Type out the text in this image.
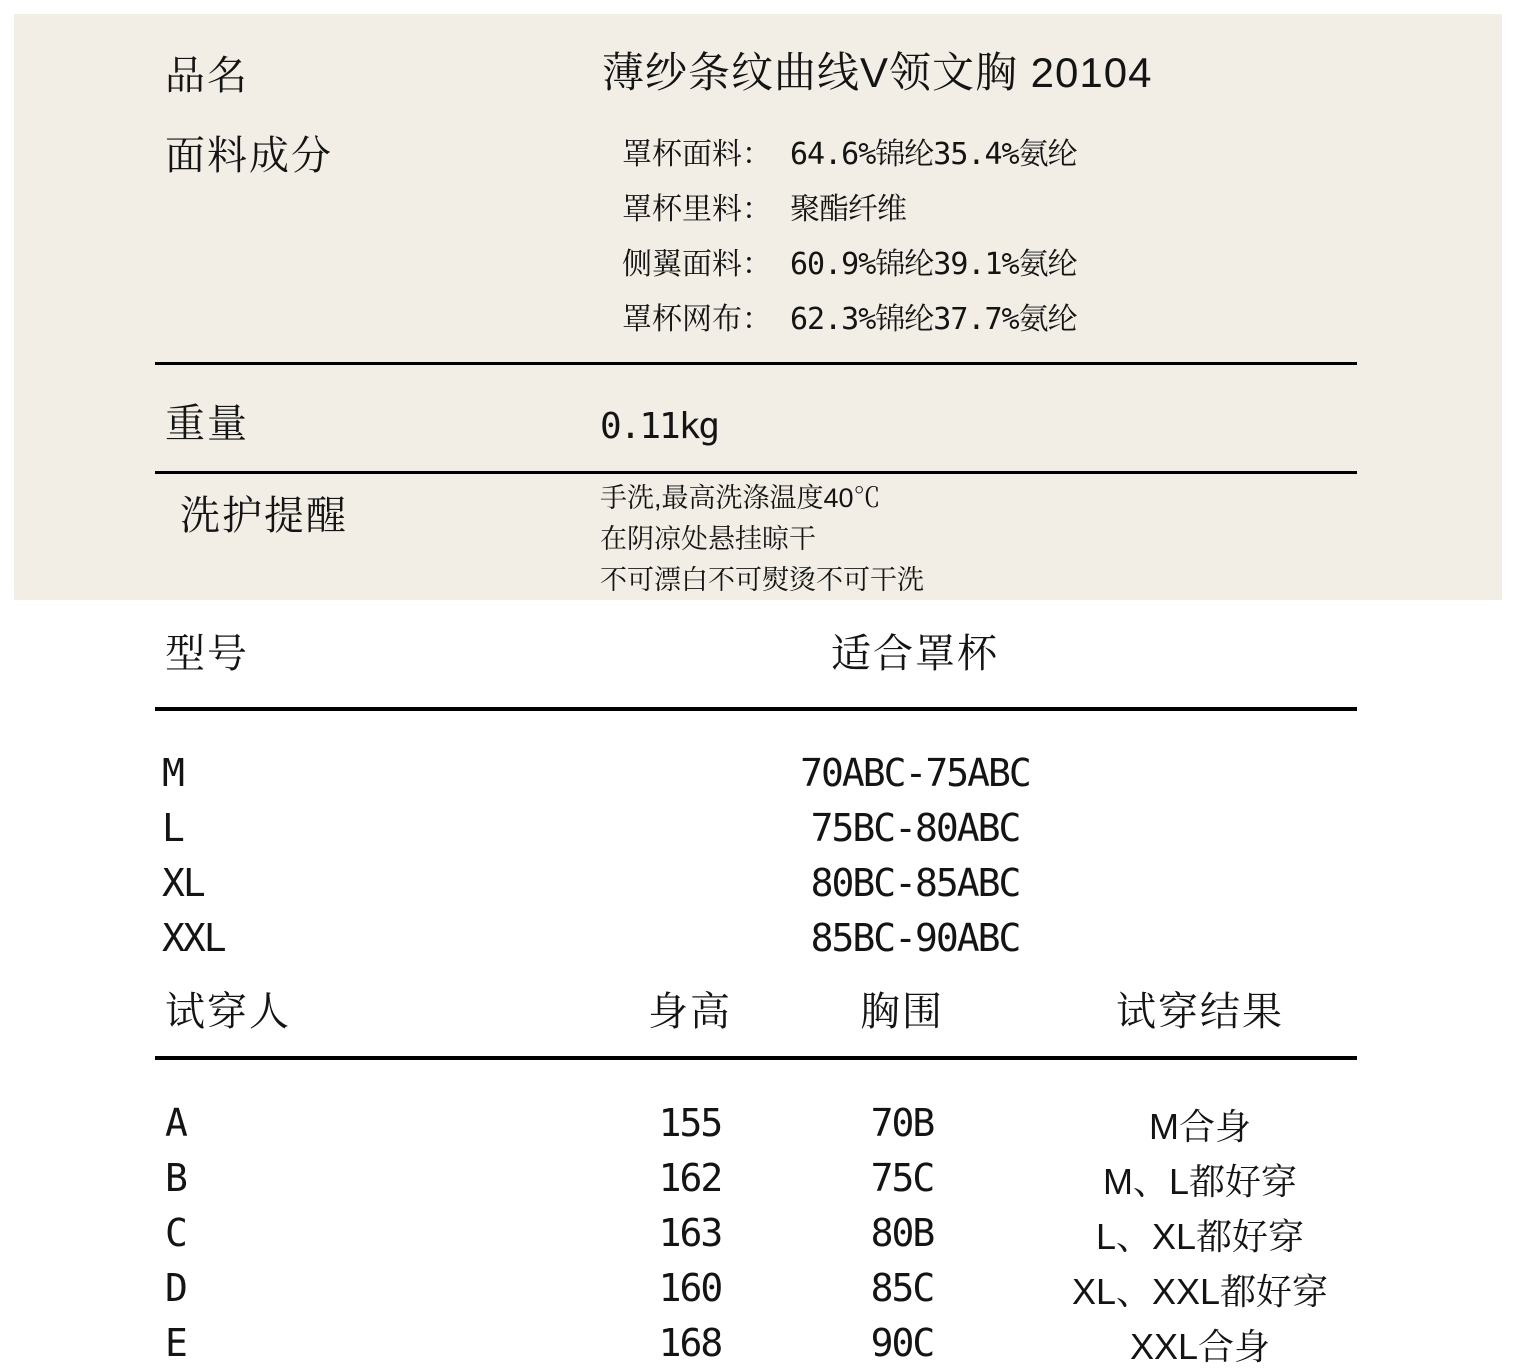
品名	薄纱条纹曲线V领文胸 20104
面料成分	罩杯面料： 64.6%锦纶35.4%氨纶
罩杯里料： 聚酯纤维
侧翼面料： 60.9%锦纶39.1%氨纶
罩杯网布： 62.3%锦纶37.7%氨纶
重量	0.11kg
洗护提醒	手洗,最高洗涤温度40℃
在阴凉处悬挂晾干
不可漂白不可熨烫不可干洗
型号	适合罩杯
M	70ABC-75ABC
L	75BC-80ABC
XL	80BC-85ABC
XXL	85BC-90ABC
试穿人	身高	胸围	试穿结果
A	155	70B	M合身
B	162	75C	M、L都好穿
C	163	80B	L、XL都好穿
D	160	85C	XL、XXL都好穿
E	168	90C	XXL合身
